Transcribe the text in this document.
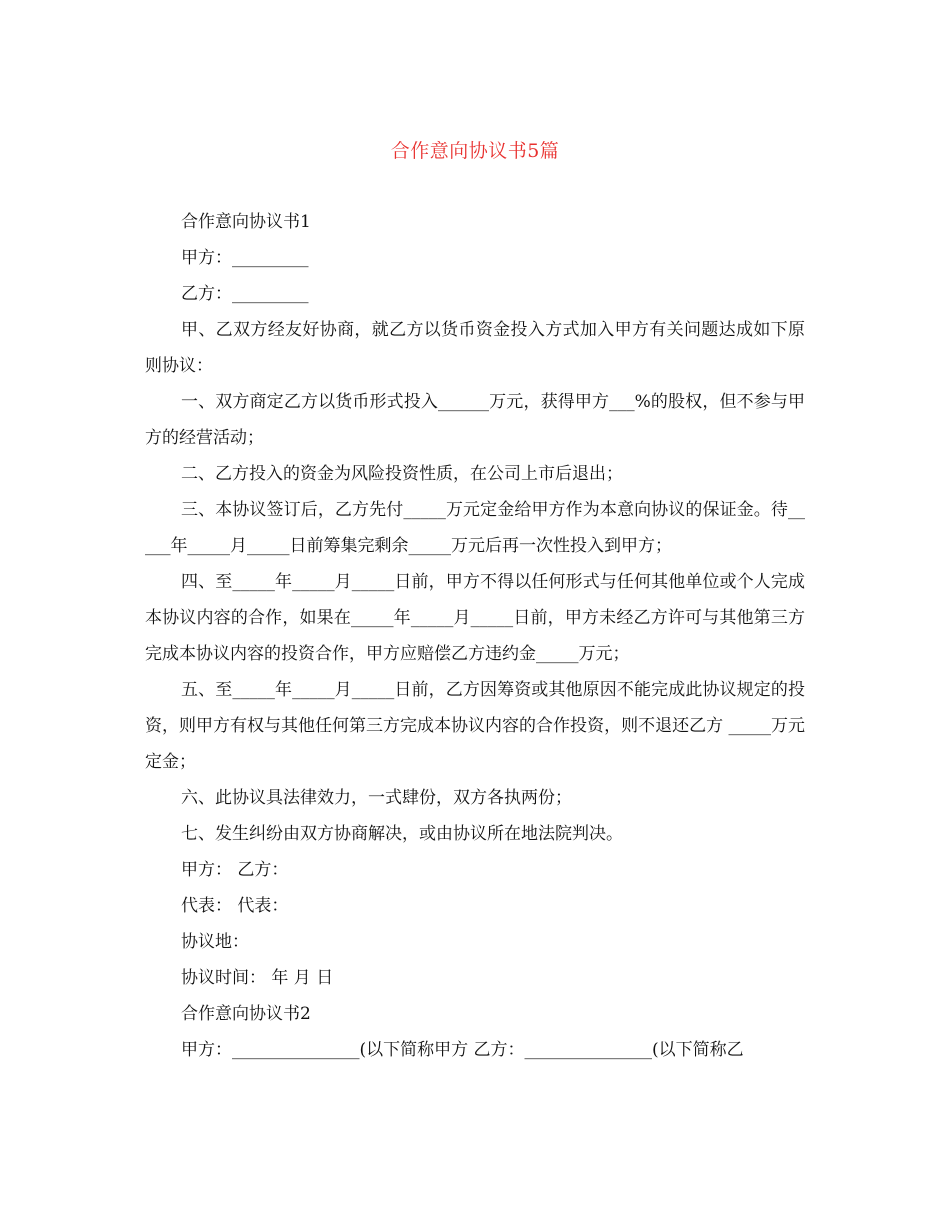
合作意向协议书5篇

合作意向协议书1

甲方：_________

乙方：_________

甲、乙双方经友好协商，就乙方以货币资金投入方式加入甲方有关问题达成如下原则协议：

一、双方商定乙方以货币形式投入______万元，获得甲方___%的股权，但不参与甲方的经营活动；

二、乙方投入的资金为风险投资性质，在公司上市后退出；

三、本协议签订后，乙方先付_____万元定金给甲方作为本意向协议的保证金。待_____年_____月_____日前筹集完剩余_____万元后再一次性投入到甲方；

四、至_____年_____月_____日前，甲方不得以任何形式与任何其他单位或个人完成本协议内容的合作，如果在_____年_____月_____日前，甲方未经乙方许可与其他第三方完成本协议内容的投资合作，甲方应赔偿乙方违约金_____万元；

五、至_____年_____月_____日前，乙方因筹资或其他原因不能完成此协议规定的投资，则甲方有权与其他任何第三方完成本协议内容的合作投资，则不退还乙方 _____万元定金；

六、此协议具法律效力，一式肆份，双方各执两份；

七、发生纠纷由双方协商解决，或由协议所在地法院判决。

甲方： 乙方：

代表： 代表：

协议地：

协议时间： 年 月 日

合作意向协议书2

甲方：_______________(以下简称甲方 乙方：_______________(以下简称乙
